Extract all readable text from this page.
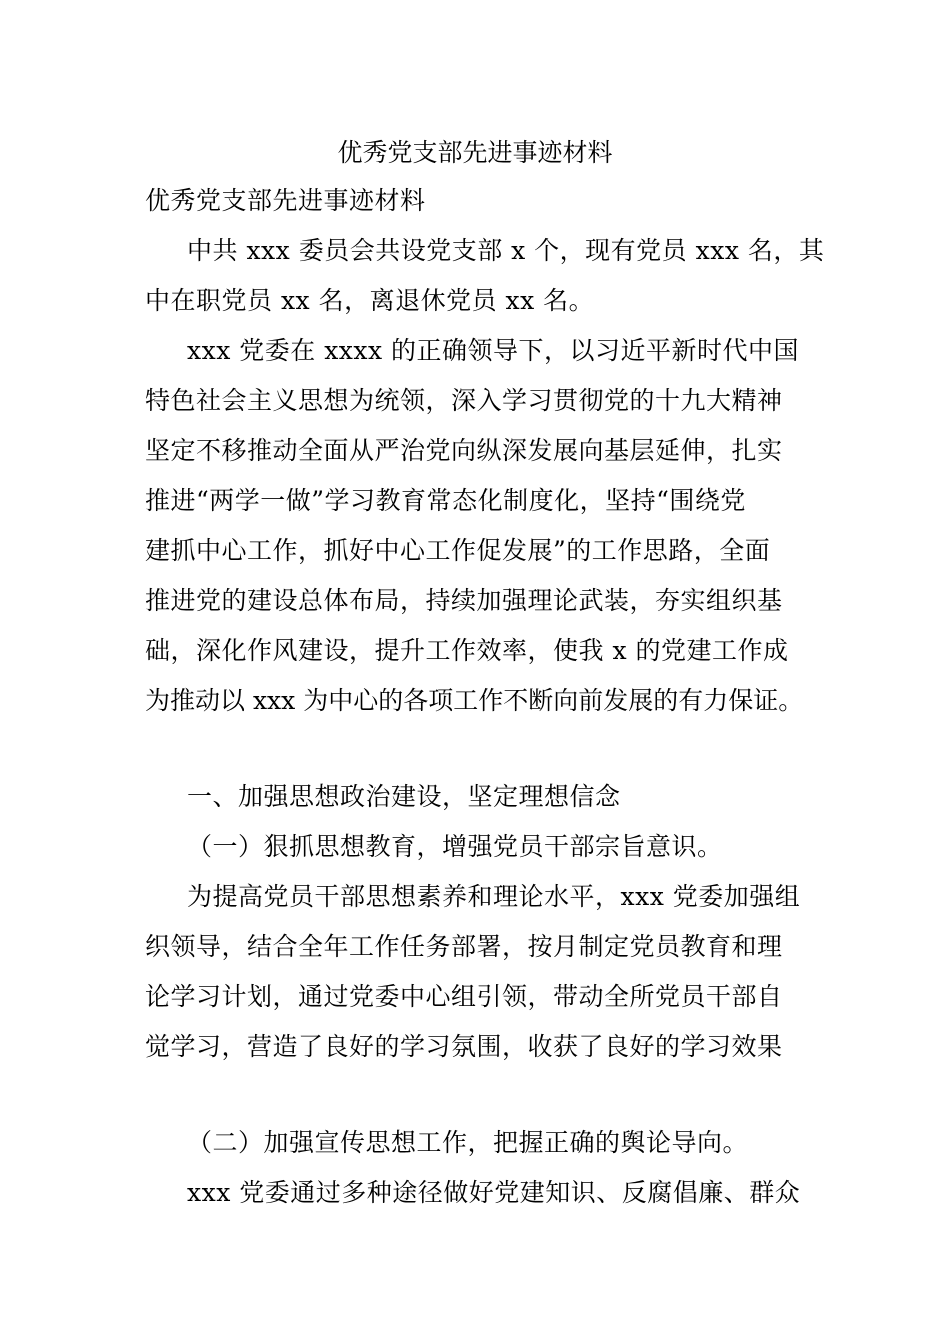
优秀党支部先进事迹材料
优秀党支部先进事迹材料
中共 xxx 委员会共设党支部 x 个，现有党员 xxx 名，其
中在职党员 xx 名，离退休党员 xx 名。
xxx 党委在 xxxx 的正确领导下，以习近平新时代中国
特色社会主义思想为统领，深入学习贯彻党的十九大精神
坚定不移推动全面从严治党向纵深发展向基层延伸，扎实
推进“两学一做”学习教育常态化制度化，坚持“围绕党
建抓中心工作，抓好中心工作促发展”的工作思路，全面
推进党的建设总体布局，持续加强理论武装，夯实组织基
础，深化作风建设，提升工作效率，使我 x 的党建工作成
为推动以 xxx 为中心的各项工作不断向前发展的有力保证。
一、加强思想政治建设，坚定理想信念
（一）狠抓思想教育，增强党员干部宗旨意识。
为提高党员干部思想素养和理论水平，xxx 党委加强组
织领导，结合全年工作任务部署，按月制定党员教育和理
论学习计划，通过党委中心组引领，带动全所党员干部自
觉学习，营造了良好的学习氛围，收获了良好的学习效果
（二）加强宣传思想工作，把握正确的舆论导向。
xxx 党委通过多种途径做好党建知识、反腐倡廉、群众
